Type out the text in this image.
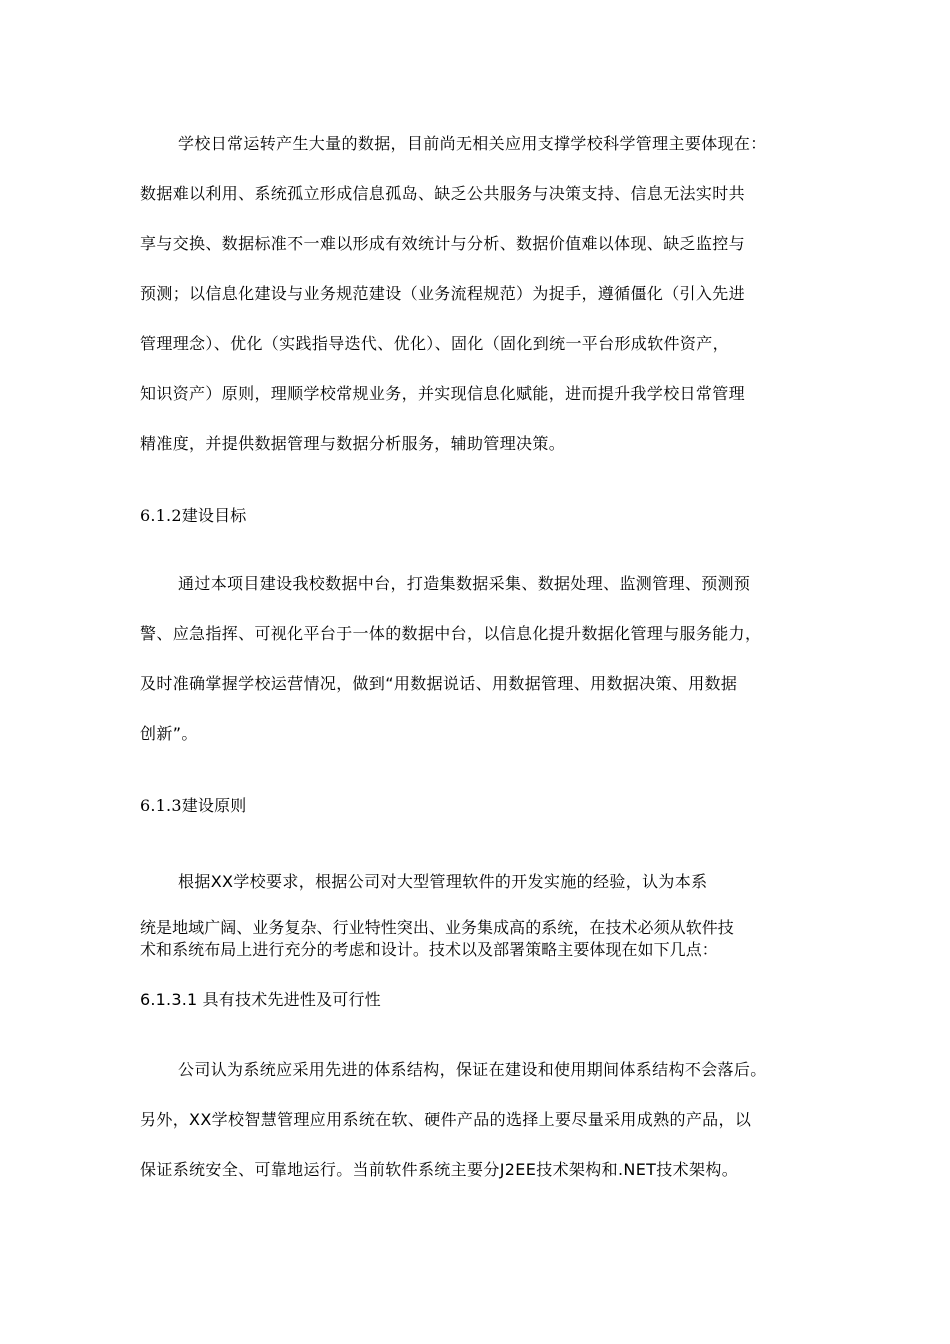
学校日常运转产生大量的数据，目前尚无相关应用支撑学校科学管理主要体现在：
数据难以利用、系统孤立形成信息孤岛、缺乏公共服务与决策支持、信息无法实时共
享与交换、数据标准不一难以形成有效统计与分析、数据价值难以体现、缺乏监控与
预测；以信息化建设与业务规范建设（业务流程规范）为捉手，遵循僵化（引入先进
管理理念）、优化（实践指导迭代、优化）、固化（固化到统一平台形成软件资产，
知识资产）原则，理顺学校常规业务，并实现信息化赋能，进而提升我学校日常管理
精准度，并提供数据管理与数据分析服务，辅助管理决策。
6.1.2建设目标
通过本项目建设我校数据中台，打造集数据采集、数据处理、监测管理、预测预
警、应急指挥、可视化平台于一体的数据中台，以信息化提升数据化管理与服务能力，
及时准确掌握学校运营情况，做到“用数据说话、用数据管理、用数据决策、用数据
创新”。
6.1.3建设原则
根据XX学校要求，根据公司对大型管理软件的开发实施的经验，认为本系
统是地域广阔、业务复杂、行业特性突出、业务集成高的系统，在技术必须从软件技
术和系统布局上进行充分的考虑和设计。技术以及部署策略主要体现在如下几点：
6.1.3.1 具有技术先进性及可行性
公司认为系统应采用先进的体系结构，保证在建设和使用期间体系结构不会落后。
另外，XX学校智慧管理应用系统在软、硬件产品的选择上要尽量采用成熟的产品，以
保证系统安全、可靠地运行。当前软件系统主要分J2EE技术架构和.NET技术架构。
